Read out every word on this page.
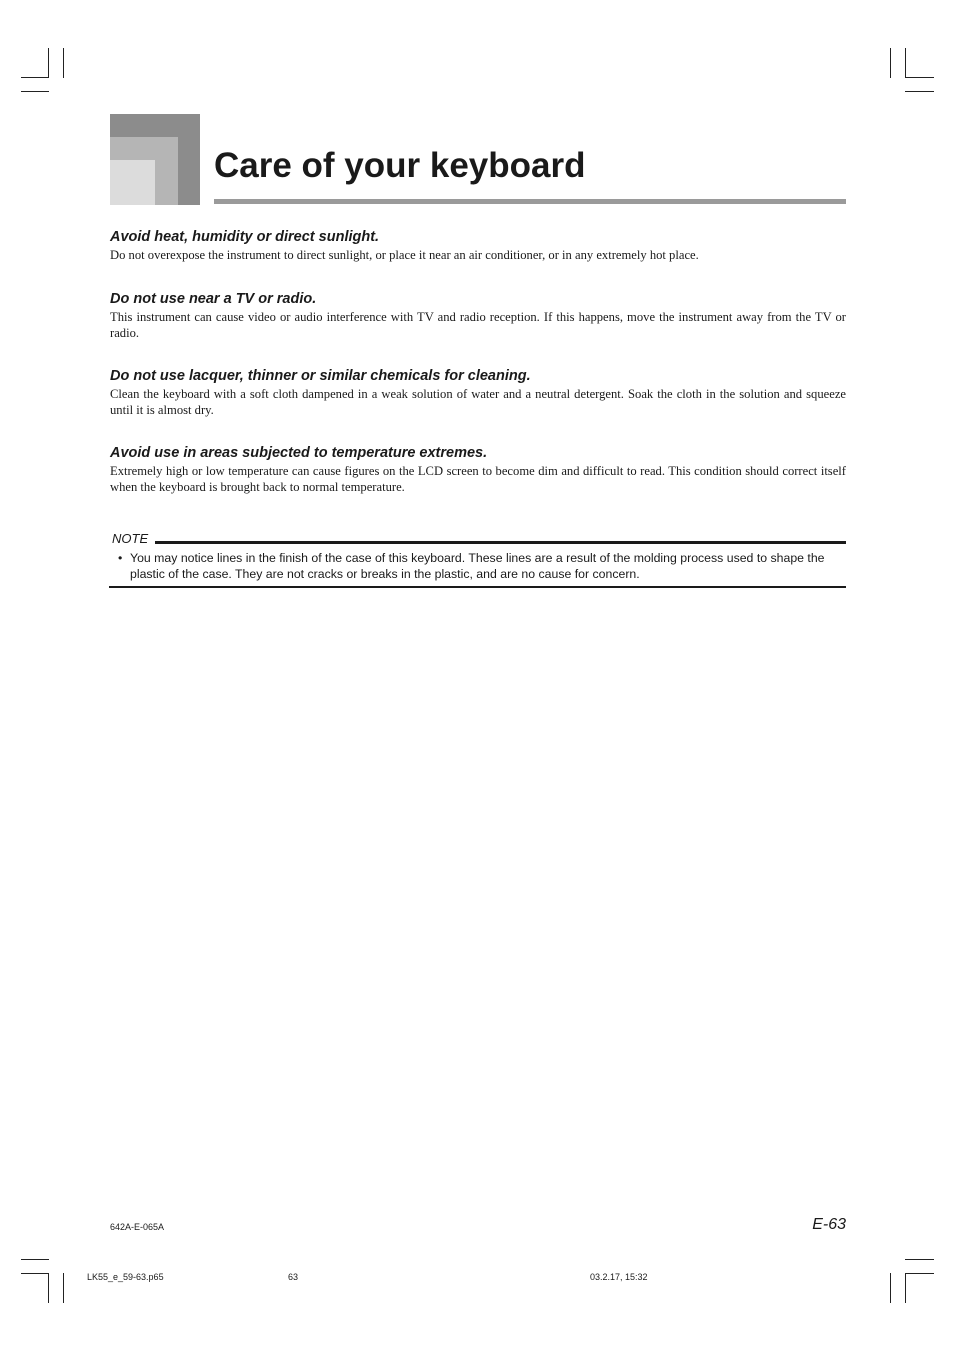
Care of your keyboard
Avoid heat, humidity or direct sunlight.

Do not overexpose the instrument to direct sunlight, or place it near an air conditioner, or in any extremely hot place.

Do not use near a TV or radio.

This instrument can cause video or audio interference with TV and radio reception. If this happens, move the instrument away from the TV or radio.

Do not use lacquer, thinner or similar chemicals for cleaning.

Clean the keyboard with a soft cloth dampened in a weak solution of water and a neutral detergent. Soak the cloth in the solution and squeeze until it is almost dry.

Avoid use in areas subjected to temperature extremes.

Extremely high or low temperature can cause figures on the LCD screen to become dim and difficult to read. This condition should correct itself when the keyboard is brought back to normal temperature.

NOTE
• You may notice lines in the finish of the case of this keyboard. These lines are a result of the molding process used to shape the plastic of the case. They are not cracks or breaks in the plastic, and are no cause for concern.
642A-E-065A	E-63
LK55_e_59-63.p65	63	03.2.17, 15:32
